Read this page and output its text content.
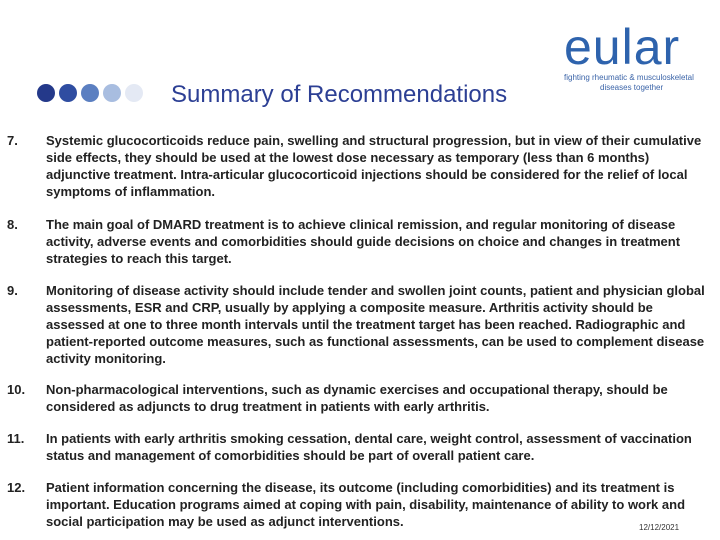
Summary of Recommendations
eular
fighting rheumatic & musculoskeletal
diseases together
7. Systemic glucocorticoids reduce pain, swelling and structural progression, but in view of their cumulative side effects, they should be used at the lowest dose necessary as temporary (less than 6 months) adjunctive treatment. Intra-articular glucocorticoid injections should be considered for the relief of local symptoms of inflammation.
8. The main goal of DMARD treatment is to achieve clinical remission, and regular monitoring of disease activity, adverse events and comorbidities should guide decisions on choice and changes in treatment strategies to reach this target.
9. Monitoring of disease activity should include tender and swollen joint counts, patient and physician global assessments, ESR and CRP, usually by applying a composite measure. Arthritis activity should be assessed at one to three month intervals until the treatment target has been reached. Radiographic and patient-reported outcome measures, such as functional assessments, can be used to complement disease activity monitoring.
10. Non-pharmacological interventions, such as dynamic exercises and occupational therapy, should be considered as adjuncts to drug treatment in patients with early arthritis.
11. In patients with early arthritis smoking cessation, dental care, weight control, assessment of vaccination status and management of comorbidities should be part of overall patient care.
12. Patient information concerning the disease, its outcome (including comorbidities) and its treatment is important. Education programs aimed at coping with pain, disability, maintenance of ability to work and social participation may be used as adjunct interventions.	12/12/2021
